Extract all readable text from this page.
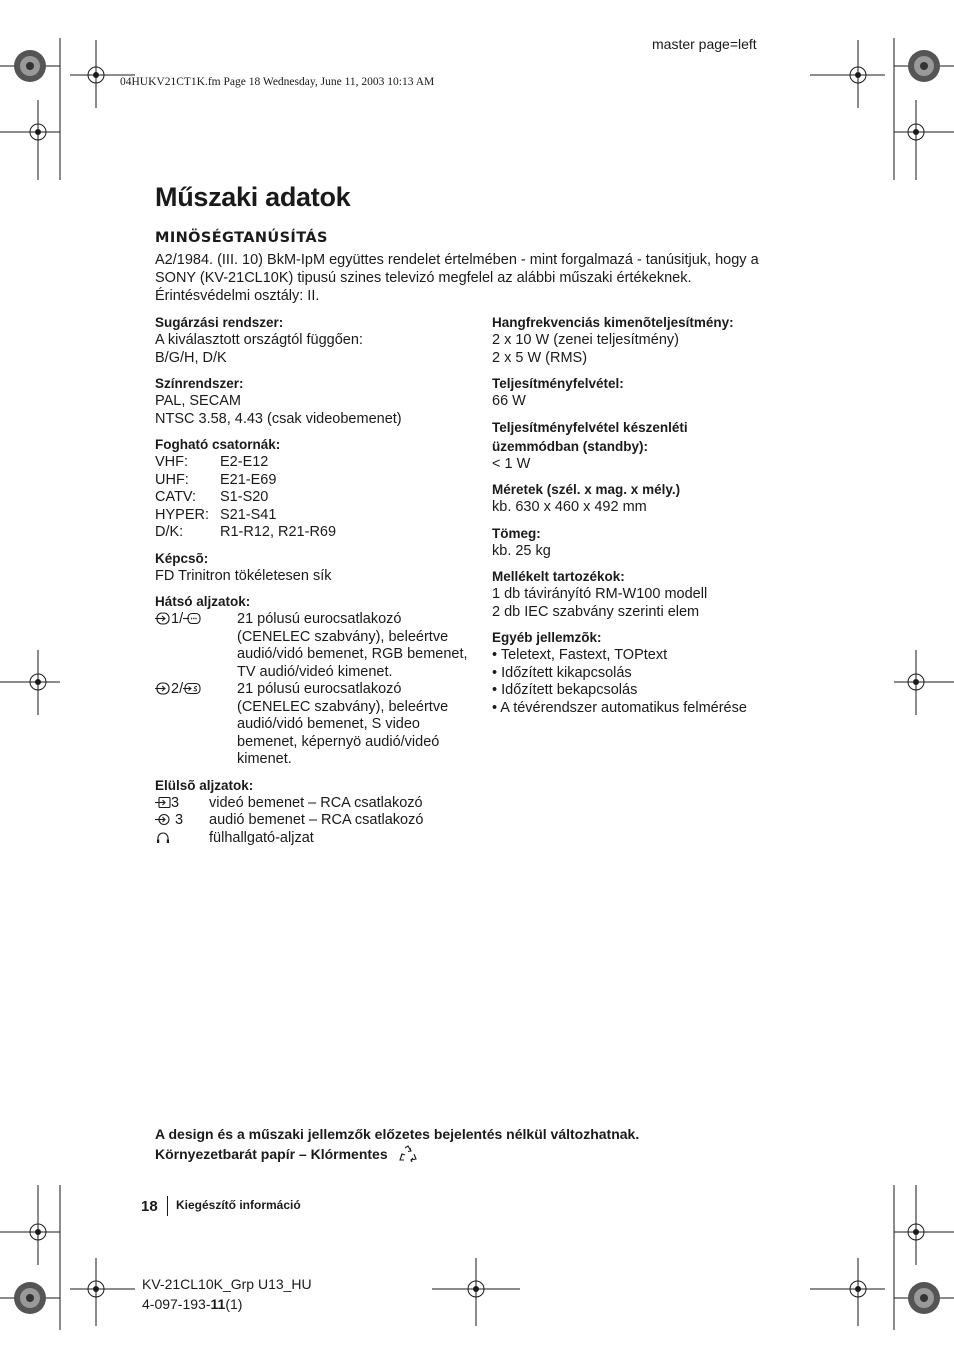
master page=left
04HUKV21CT1K.fm Page 18 Wednesday, June 11, 2003 10:13 AM
Műszaki adatok
MINÖSÉGTANÚSÍTÁS
A2/1984. (III. 10) BkM-IpM együttes rendelet értelmében - mint forgalmazá - tanúsitjuk, hogy a
SONY (KV-21CL10K) tipusú szines televizó megfelel az alábbi műszaki értékeknek.
Érintésvédelmi osztály: II.
Sugárzási rendszer:
A kiválasztott országtól függően:
B/G/H, D/K
Színrendszer:
PAL, SECAM
NTSC 3.58, 4.43 (csak videobemenet)
Fogható csatornák:
VHF:	E2-E12
UHF:	E21-E69
CATV:	S1-S20
HYPER: S21-S41
D/K:	R1-R12, R21-R69
Képcsõ:
FD Trinitron tökéletesen sík
Hátsó aljzatok:
1/	21 pólusú eurocsatlakozó (CENELEC szabvány), beleértve audió/vidó bemenet, RGB bemenet, TV audió/videó kimenet.
2/	21 pólusú eurocsatlakozó (CENELEC szabvány), beleértve audió/vidó bemenet, S video bemenet, képernyö audió/videó kimenet.
Elülsõ aljzatok:
3	videó bemenet – RCA csatlakozó
3	audió bemenet – RCA csatlakozó
fülhallgató-aljzat
Hangfrekvenciás kimenõteljesítmény:
2 x 10 W (zenei teljesítmény)
2 x 5 W (RMS)
Teljesítményfelvétel:
66 W
Teljesítményfelvétel készenléti üzemmódban (standby):
< 1 W
Méretek (szél. x mag. x mély.)
kb. 630 x 460 x 492 mm
Tömeg:
kb. 25 kg
Mellékelt tartozékok:
1 db távirányító RM-W100 modell
2 db IEC szabvány szerinti elem
Egyéb jellemzõk:
• Teletext, Fastext, TOPtext
• Időzített kikapcsolás
• Időzített bekapcsolás
• A tévérendszer automatikus felmérése
A design és a műszaki jellemzők előzetes bejelentés nélkül változhatnak.
Környezetbarát papír – Klórmentes
18 Kiegészítő információ
KV-21CL10K_Grp U13_HU
4-097-193-11(1)
